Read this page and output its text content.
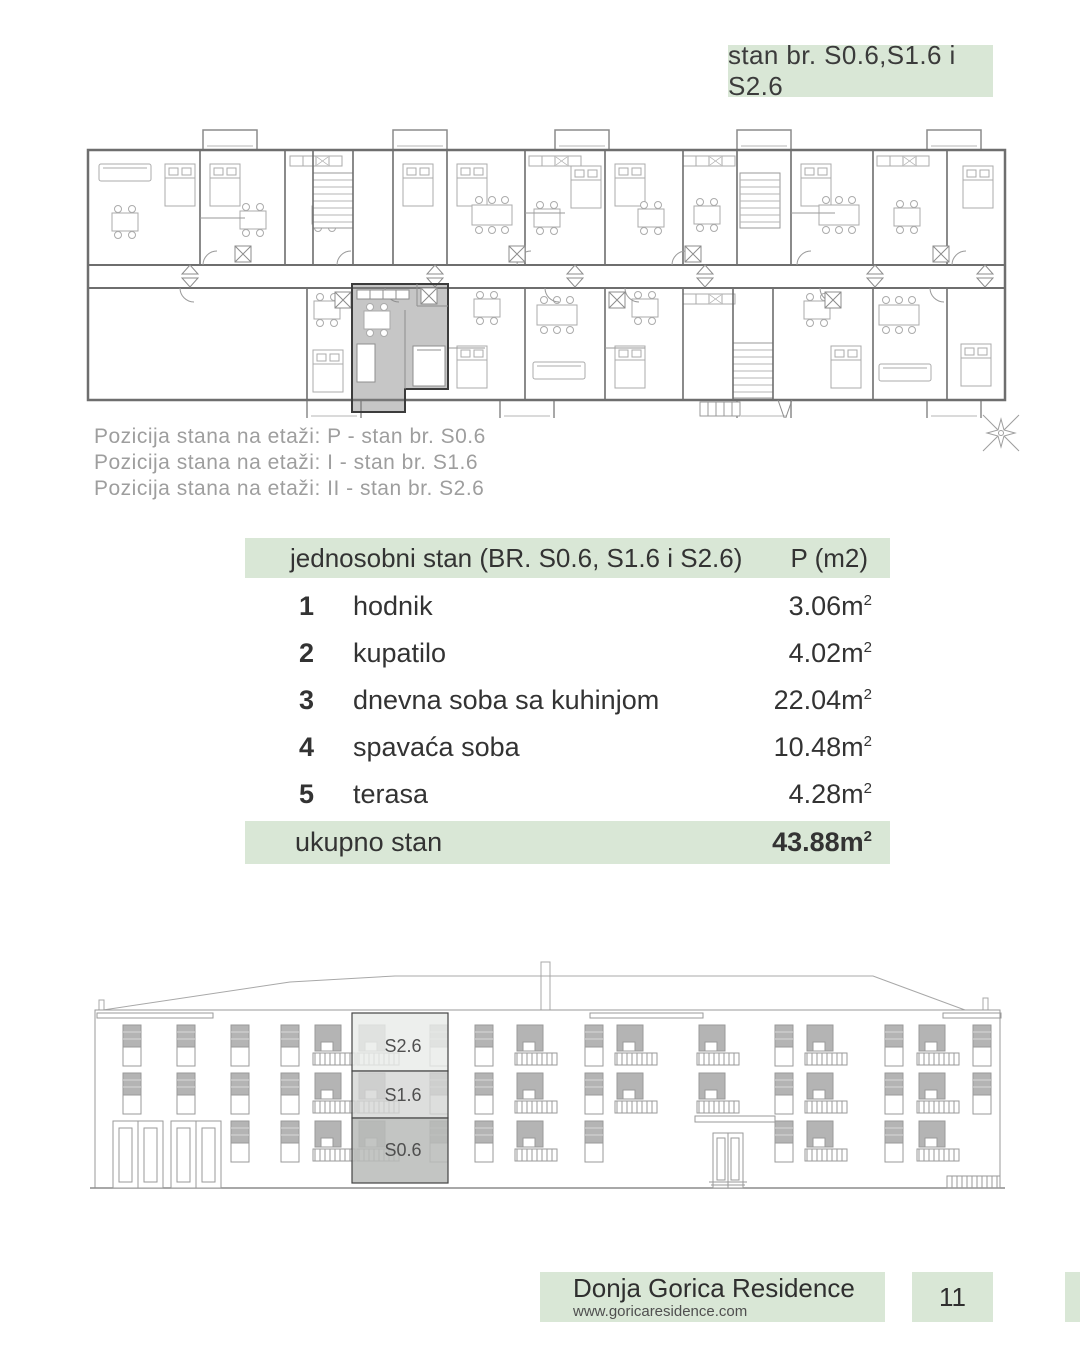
stan br. S0.6,S1.6 i S2.6
Pozicija stana na etaži: P - stan br. S0.6
Pozicija stana na etaži: I - stan br. S1.6
Pozicija stana na etaži: II - stan br. S2.6
jednosobni stan (BR. S0.6, S1.6 i S2.6) P (m2)
1	hodnik	$3.06m^2$
2	kupatilo	$4.02m^2$
3	dnevna soba sa kuhinjom	$22.04m^2$
4	spavaća soba	$10.48m^2$
5	terasa	$4.28m^2$
ukupno stan	$43.88m^2$
S2.6
S1.6
S0.6
Donja Gorica Residence
www.goricaresidence.com	11
